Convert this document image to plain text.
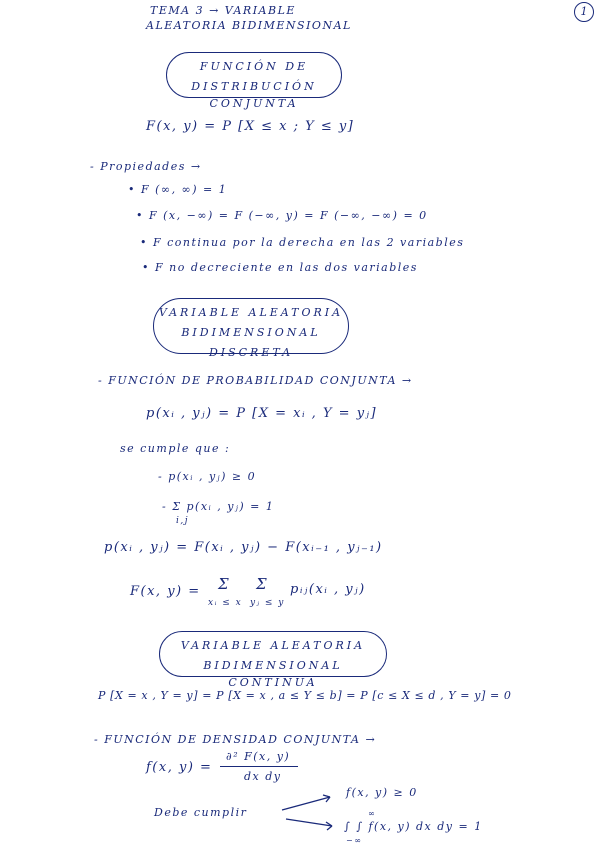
1
TEMA 3 → VARIABLE
ALEATORIA BIDIMENSIONAL
FUNCIÓN DE DISTRIBUCIÓN
CONJUNTA
F(x, y) = P [X ≤ x ; Y ≤ y]
- Propiedades →
• F (∞, ∞) = 1
• F (x, −∞) = F (−∞, y) = F (−∞, −∞) = 0
• F continua por la derecha en las 2 variables
• F no decreciente en las dos variables
VARIABLE ALEATORIA
BIDIMENSIONAL DISCRETA
- FUNCIÓN DE PROBABILIDAD CONJUNTA →
p(xᵢ , yⱼ) = P [X = xᵢ , Y = yⱼ]
se cumple que :
- p(xᵢ , yⱼ) ≥ 0
- Σ p(xᵢ , yⱼ) = 1
i,j
p(xᵢ , yⱼ) = F(xᵢ , yⱼ) − F(xᵢ₋₁ , yⱼ₋₁)
F(x, y) = Σ Σ pᵢⱼ(xᵢ , yⱼ)
xᵢ ≤ x yⱼ ≤ y
VARIABLE ALEATORIA BIDIMENSIONAL
CONTINUA
P [X = x , Y = y] = P [X = x , a ≤ Y ≤ b] = P [c ≤ X ≤ d , Y = y] = 0
- FUNCIÓN DE DENSIDAD CONJUNTA →
f(x, y) =
∂² F(x, y)
dx dy
Debe cumplir
f(x, y) ≥ 0
∫ ∫ f(x, y) dx dy = 1
∞
−∞
